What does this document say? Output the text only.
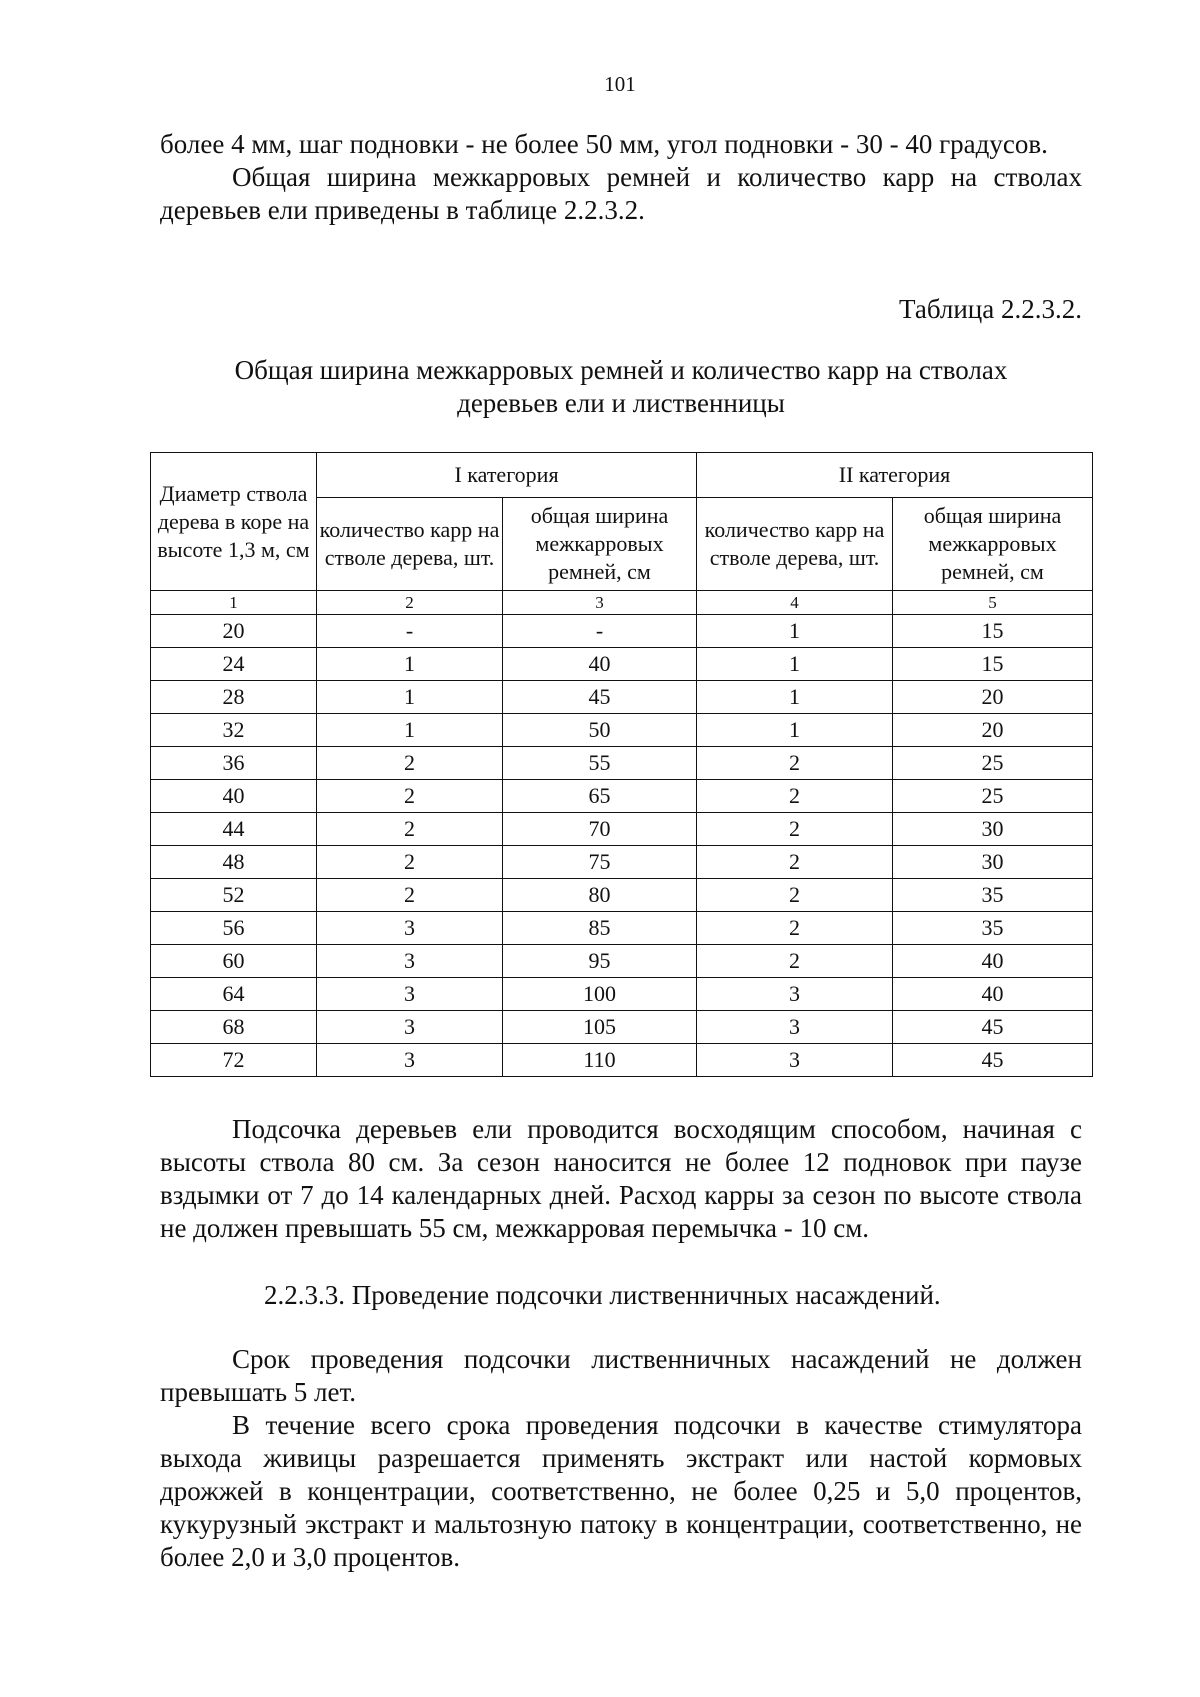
101

более 4 мм, шаг подновки - не более 50 мм, угол подновки - 30 - 40 градусов.

Общая ширина межкарровых ремней и количество карр на стволах деревьев ели приведены в таблице 2.2.3.2.

Таблица 2.2.3.2.
Общая ширина межкарровых ремней и количество карр на стволах
деревьев ели и лиственницы
Диаметр ствола дерева в коре на высоте 1,3 м, см	I категория		II категория	
	количество карр на стволе дерева, шт.	общая ширина межкарровых ремней, см	количество карр на стволе дерева, шт.	общая ширина межкарровых ремней, см
1	2	3	4	5
20	-	-	1	15
24	1	40	1	15
28	1	45	1	20
32	1	50	1	20
36	2	55	2	25
40	2	65	2	25
44	2	70	2	30
48	2	75	2	30
52	2	80	2	35
56	3	85	2	35
60	3	95	2	40
64	3	100	3	40
68	3	105	3	45
72	3	110	3	45

Подсочка деревьев ели проводится восходящим способом, начиная с высоты ствола 80 см. За сезон наносится не более 12 подновок при паузе вздымки от 7 до 14 календарных дней. Расход карры за сезон по высоте ствола не должен превышать 55 см, межкарровая перемычка - 10 см.

2.2.3.3. Проведение подсочки лиственничных насаждений.

Срок проведения подсочки лиственничных насаждений не должен превышать 5 лет.

В течение всего срока проведения подсочки в качестве стимулятора выхода живицы разрешается применять экстракт или настой кормовых дрожжей в концентрации, соответственно, не более 0,25 и 5,0 процентов, кукурузный экстракт и мальтозную патоку в концентрации, соответственно, не более 2,0 и 3,0 процентов.
